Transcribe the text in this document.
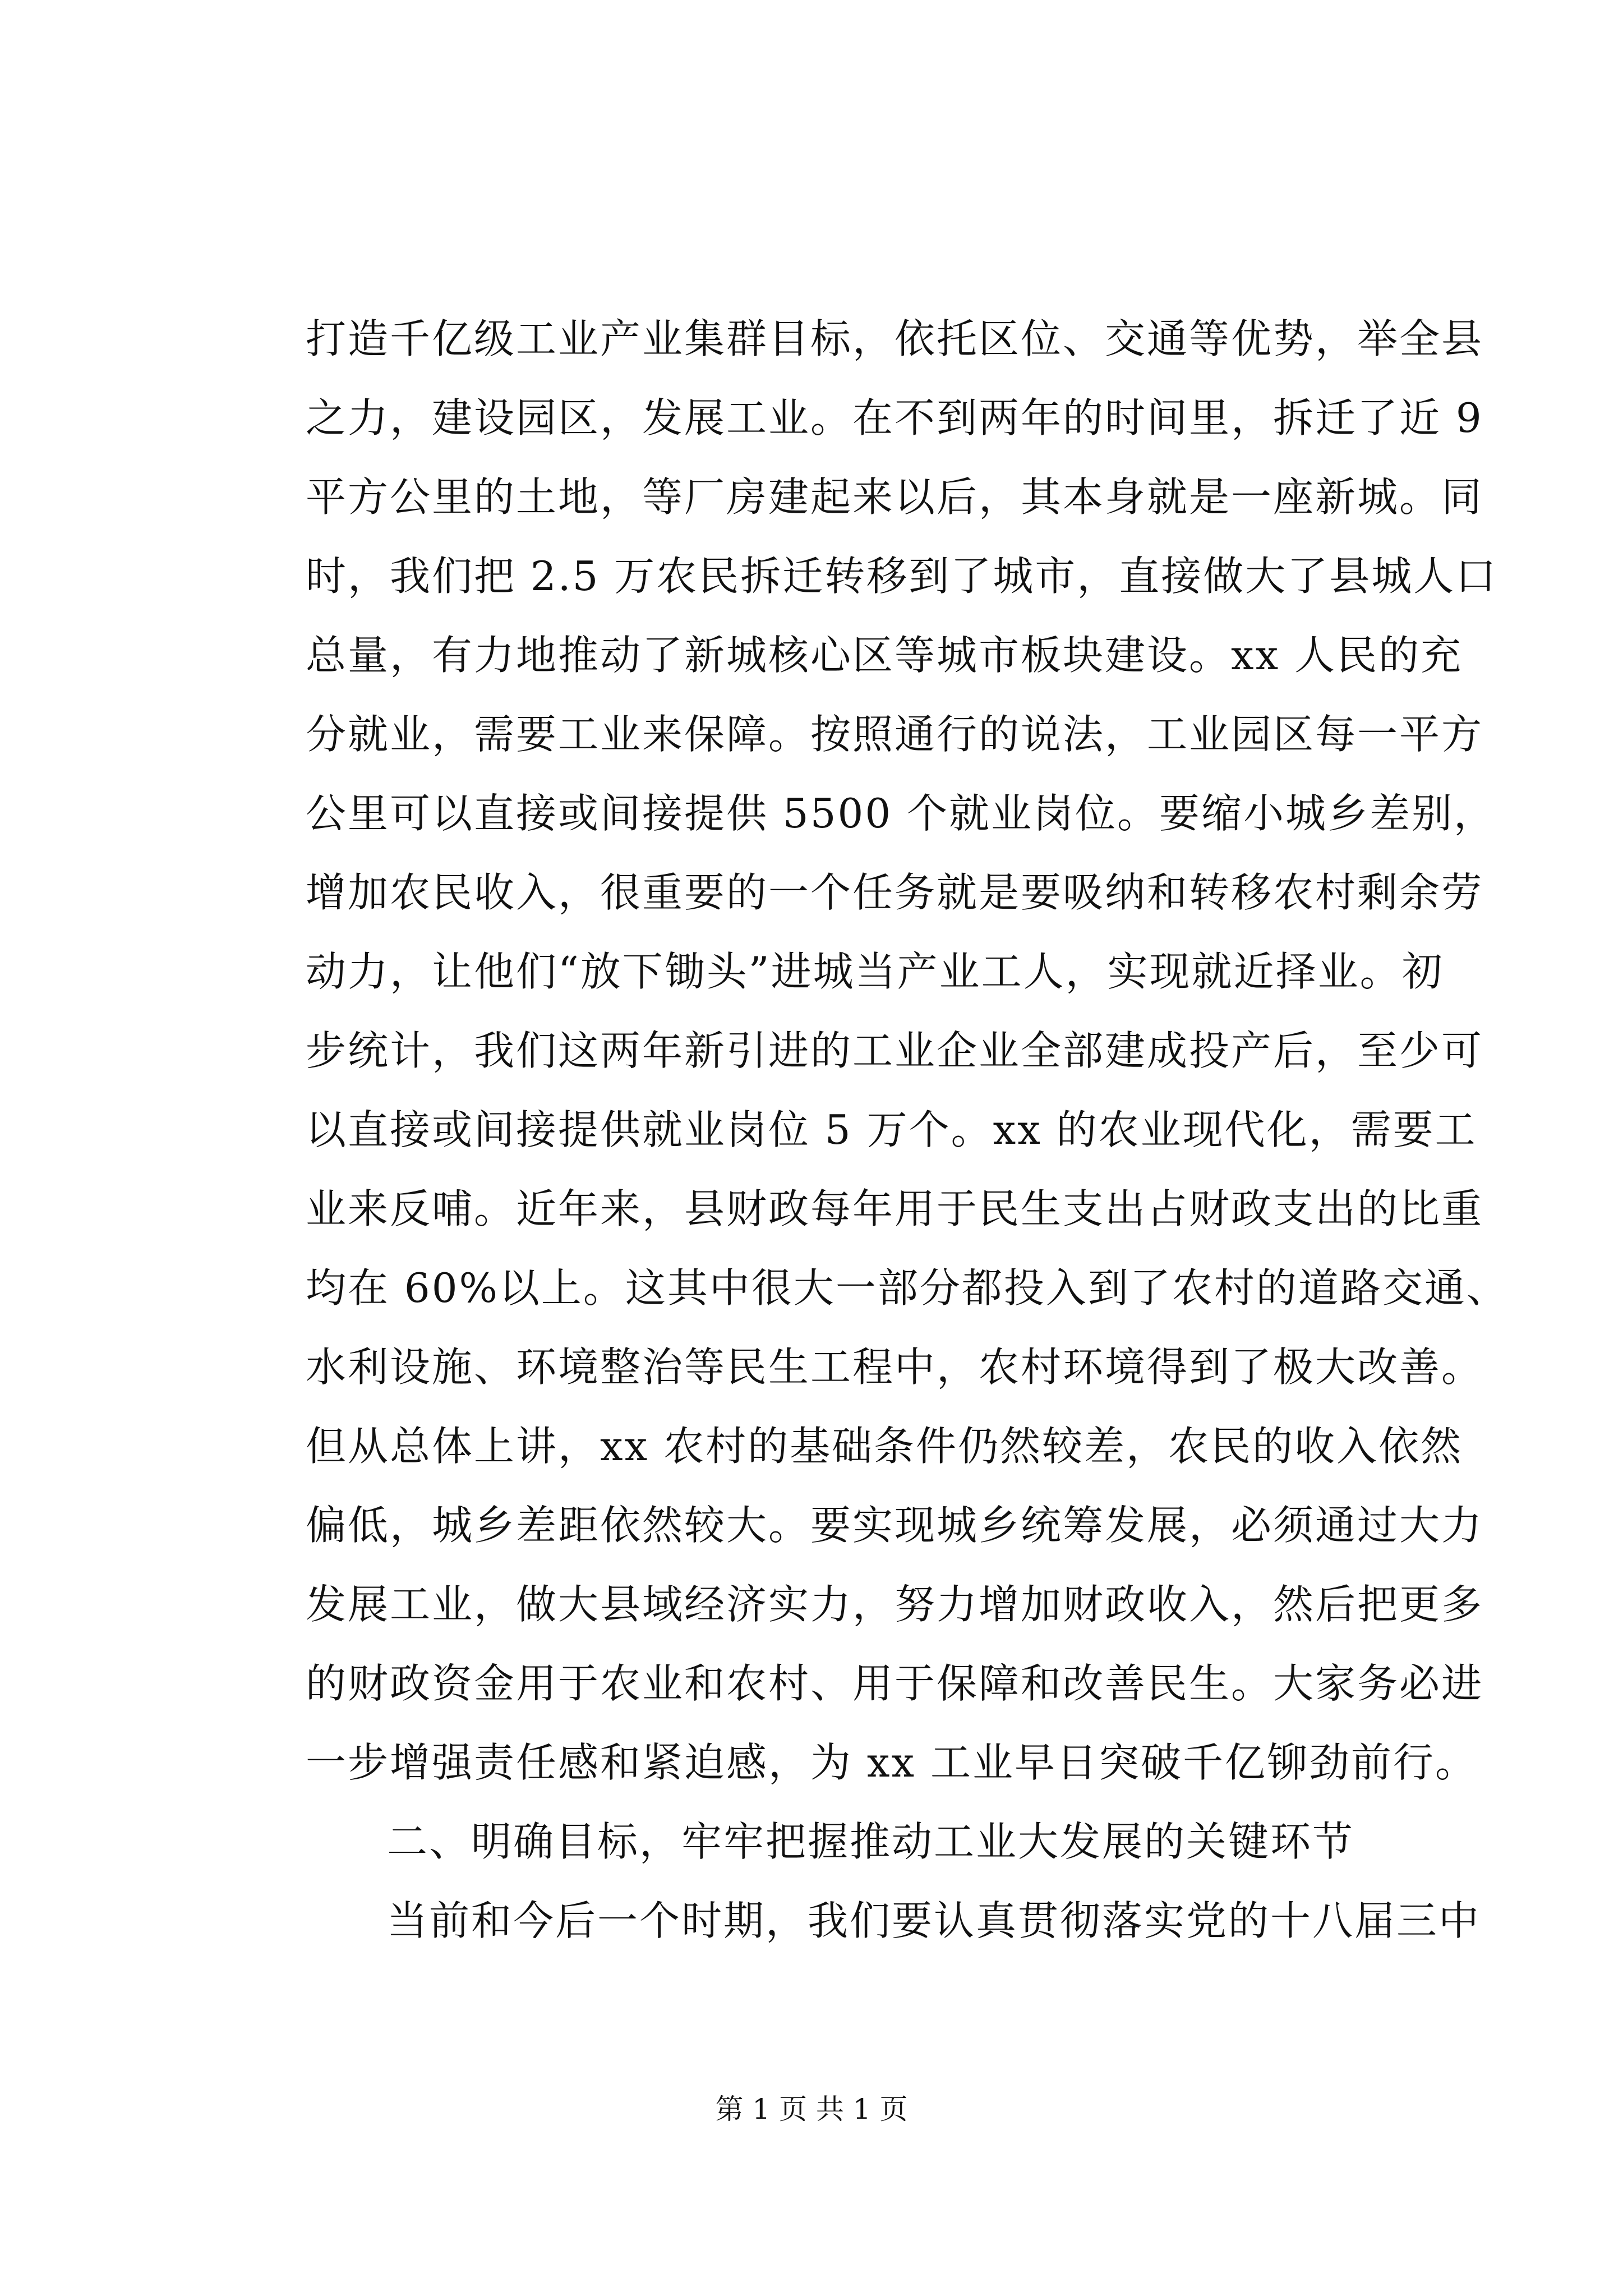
打造千亿级工业产业集群目标，依托区位、交通等优势，举全县
之力，建设园区，发展工业。在不到两年的时间里，拆迁了近 9
平方公里的土地，等厂房建起来以后，其本身就是一座新城。同
时，我们把 2.5 万农民拆迁转移到了城市，直接做大了县城人口
总量，有力地推动了新城核心区等城市板块建设。xx 人民的充
分就业，需要工业来保障。按照通行的说法，工业园区每一平方
公里可以直接或间接提供 5500 个就业岗位。要缩小城乡差别，
增加农民收入，很重要的一个任务就是要吸纳和转移农村剩余劳
动力，让他们“放下锄头”进城当产业工人，实现就近择业。初
步统计，我们这两年新引进的工业企业全部建成投产后，至少可
以直接或间接提供就业岗位 5 万个。xx 的农业现代化，需要工
业来反哺。近年来，县财政每年用于民生支出占财政支出的比重
均在 60%以上。这其中很大一部分都投入到了农村的道路交通、
水利设施、环境整治等民生工程中，农村环境得到了极大改善。
但从总体上讲，xx 农村的基础条件仍然较差，农民的收入依然
偏低，城乡差距依然较大。要实现城乡统筹发展，必须通过大力
发展工业，做大县域经济实力，努力增加财政收入，然后把更多
的财政资金用于农业和农村、用于保障和改善民生。大家务必进
一步增强责任感和紧迫感，为 xx 工业早日突破千亿铆劲前行。
二、明确目标，牢牢把握推动工业大发展的关键环节
当前和今后一个时期，我们要认真贯彻落实党的十八届三中
第 1 页 共 1 页
